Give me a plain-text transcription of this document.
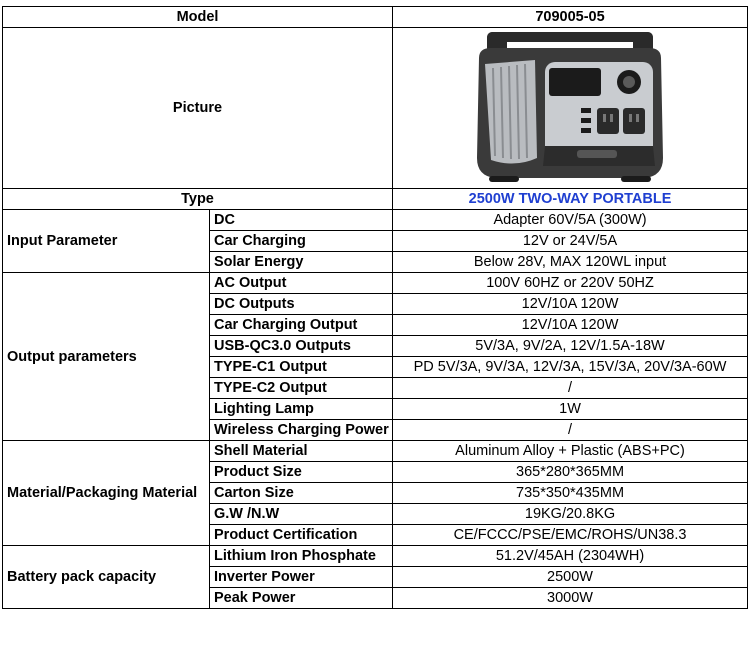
Model		709005-05
Picture	

Type		2500W TWO-WAY PORTABLE
Input Parameter	DC	Adapter 60V/5A (300W)
	Car Charging	12V or 24V/5A
	Solar Energy	Below 28V, MAX 120WL input
Output parameters	AC Output	100V 60HZ or 220V 50HZ
	DC Outputs	12V/10A 120W
	Car Charging Output	12V/10A 120W
	USB-QC3.0 Outputs	5V/3A, 9V/2A, 12V/1.5A-18W
	TYPE-C1 Output	PD 5V/3A, 9V/3A, 12V/3A, 15V/3A, 20V/3A-60W
	TYPE-C2 Output	/
	Lighting Lamp	1W
	Wireless Charging Power	/
Material/Packaging Material	Shell Material	Aluminum Alloy + Plastic (ABS+PC)
	Product Size	365*280*365MM
	Carton Size	735*350*435MM
	G.W /N.W	19KG/20.8KG
	Product Certification	CE/FCCC/PSE/EMC/ROHS/UN38.3
Battery pack capacity	Lithium Iron Phosphate	51.2V/45AH (2304WH)
	Inverter Power	2500W
	Peak Power	3000W
